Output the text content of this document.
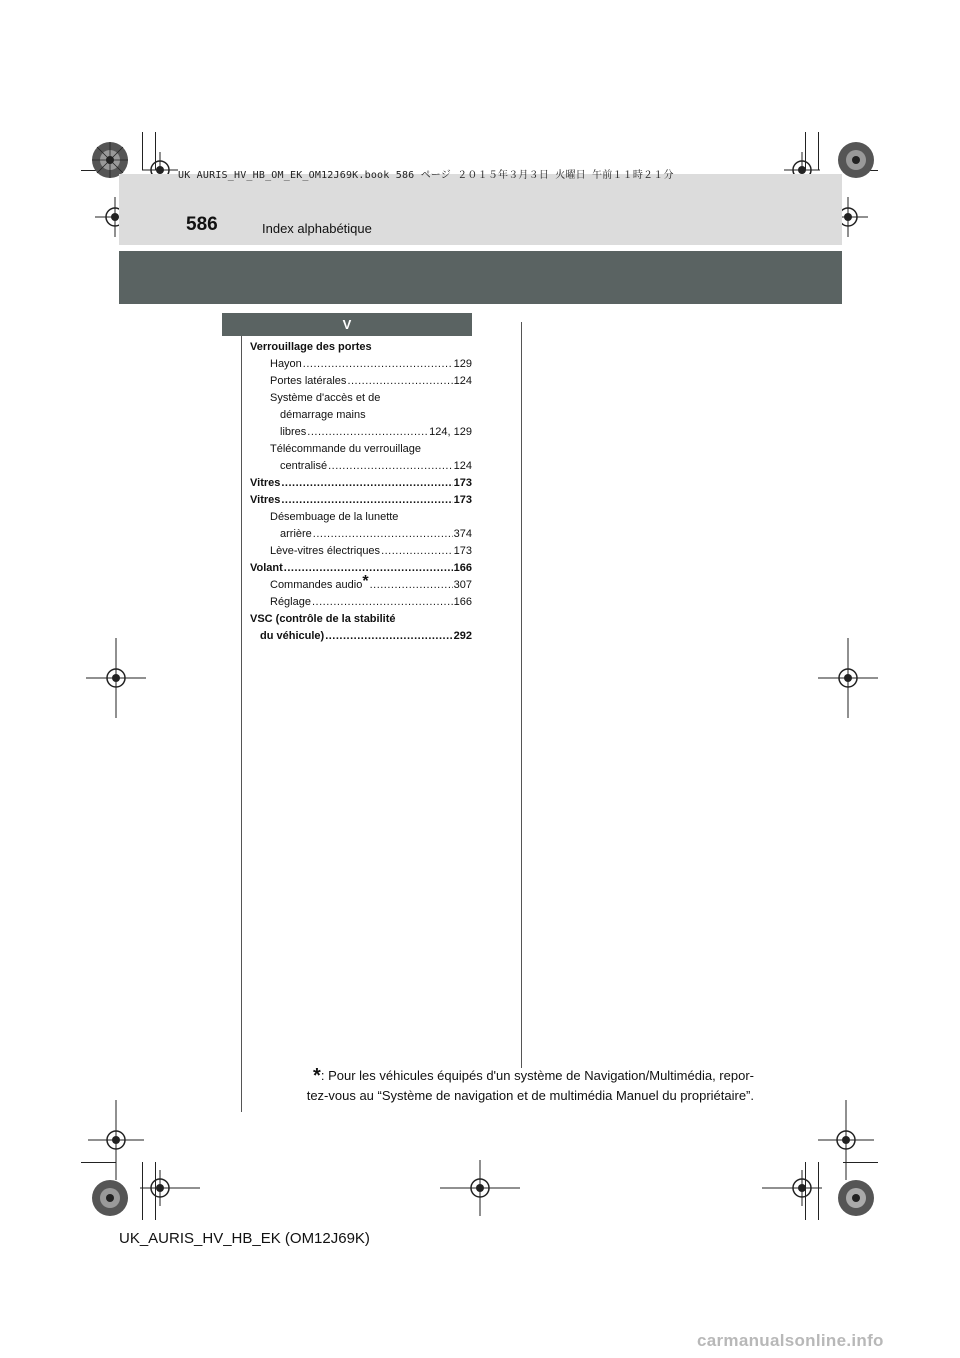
UK AURIS_HV_HB_OM_EK_OM12J69K.book 586 ページ ２０１５年３月３日 火曜日 午前１１時２１分
586	Index alphabétique
V
Verrouillage des portes
Hayon .....	129
Portes latérales .....	124
Système d'accès et de
démarrage mains
libres .....	124, 129
Télécommande du verrouillage
centralisé .....	124
Vitres .....	173
Vitres .....	173
Désembuage de la lunette
arrière .....	374
Lève-vitres électriques .....	173
Volant .....	166
Commandes audio* .....	307
Réglage .....	166
VSC (contrôle de la stabilité
du véhicule) .....	292
*: Pour les véhicules équipés d'un système de Navigation/Multimédia, repor-
tez-vous au “Système de navigation et de multimédia Manuel du propriétaire”.
UK_AURIS_HV_HB_EK (OM12J69K)
carmanualsonline.info
